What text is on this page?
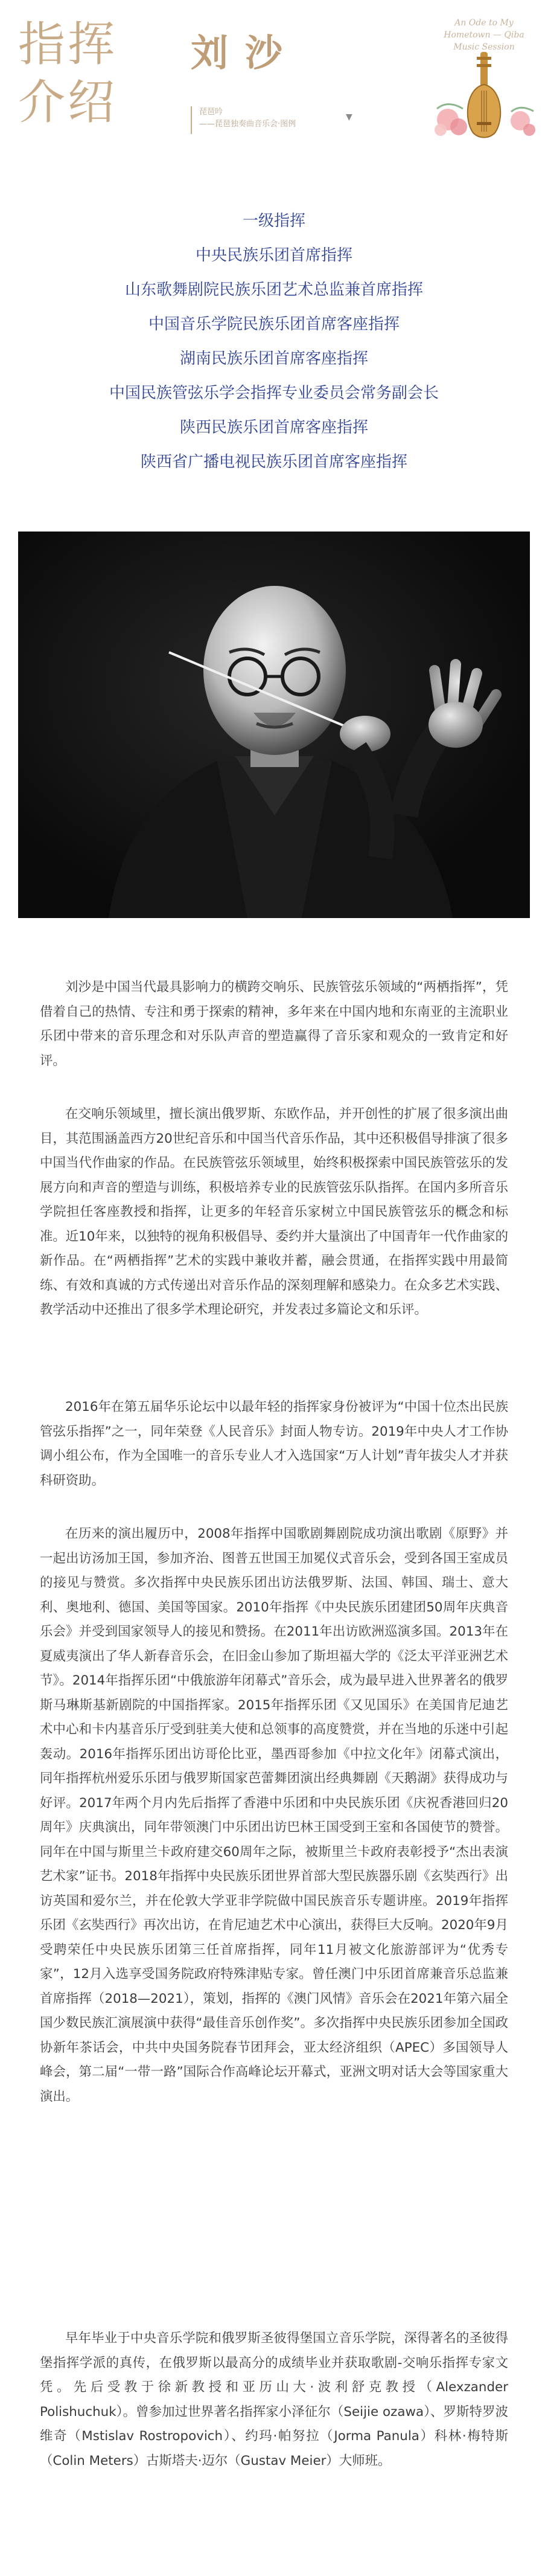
指挥
介绍
刘沙
琵琶吟
——琵琶独奏曲音乐会·图例
▼
An Ode to My Hometown — Qiba Music Session
一级指挥
中央民族乐团首席指挥
山东歌舞剧院民族乐团艺术总监兼首席指挥
中国音乐学院民族乐团首席客座指挥
湖南民族乐团首席客座指挥
中国民族管弦乐学会指挥专业委员会常务副会长
陕西民族乐团首席客座指挥
陕西省广播电视民族乐团首席客座指挥
刘沙是中国当代最具影响力的横跨交响乐、民族管弦乐领域的“两栖指挥”，凭借着自己的热情、专注和勇于探索的精神，多年来在中国内地和东南亚的主流职业乐团中带来的音乐理念和对乐队声音的塑造赢得了音乐家和观众的一致肯定和好评。
在交响乐领域里，擅长演出俄罗斯、东欧作品，并开创性的扩展了很多演出曲目，其范围涵盖西方20世纪音乐和中国当代音乐作品，其中还积极倡导排演了很多中国当代作曲家的作品。在民族管弦乐领域里，始终积极探索中国民族管弦乐的发展方向和声音的塑造与训练，积极培养专业的民族管弦乐队指挥。在国内多所音乐学院担任客座教授和指挥，让更多的年轻音乐家树立中国民族管弦乐的概念和标准。近10年来，以独特的视角积极倡导、委约并大量演出了中国青年一代作曲家的新作品。在“两栖指挥”艺术的实践中兼收并蓄，融会贯通，在指挥实践中用最简练、有效和真诚的方式传递出对音乐作品的深刻理解和感染力。在众多艺术实践、教学活动中还推出了很多学术理论研究，并发表过多篇论文和乐评。
2016年在第五届华乐论坛中以最年轻的指挥家身份被评为“中国十位杰出民族管弦乐指挥”之一，同年荣登《人民音乐》封面人物专访。2019年中央人才工作协调小组公布，作为全国唯一的音乐专业人才入选国家“万人计划”青年拔尖人才并获科研资助。
在历来的演出履历中，2008年指挥中国歌剧舞剧院成功演出歌剧《原野》并一起出访汤加王国，参加齐治、图普五世国王加冕仪式音乐会，受到各国王室成员的接见与赞赏。多次指挥中央民族乐团出访法俄罗斯、法国、韩国、瑞士、意大利、奥地利、德国、美国等国家。2010年指挥《中央民族乐团建团50周年庆典音乐会》并受到国家领导人的接见和赞扬。在2011年出访欧洲巡演多国。2013年在夏威夷演出了华人新春音乐会，在旧金山参加了斯坦福大学的《泛太平洋亚洲艺术节》。2014年指挥乐团“中俄旅游年闭幕式”音乐会，成为最早进入世界著名的俄罗斯马琳斯基新剧院的中国指挥家。2015年指挥乐团《又见国乐》在美国肯尼迪艺术中心和卡内基音乐厅受到驻美大使和总领事的高度赞赏，并在当地的乐迷中引起轰动。2016年指挥乐团出访哥伦比亚，墨西哥参加《中拉文化年》闭幕式演出，同年指挥杭州爱乐乐团与俄罗斯国家芭蕾舞团演出经典舞剧《天鹅湖》获得成功与好评。2017年两个月内先后指挥了香港中乐团和中央民族乐团《庆祝香港回归20周年》庆典演出，同年带领澳门中乐团出访巴林王国受到王室和各国使节的赞誉。同年在中国与斯里兰卡政府建交60周年之际，被斯里兰卡政府表彰授予“杰出表演艺术家”证书。2018年指挥中央民族乐团世界首部大型民族器乐剧《玄奘西行》出访英国和爱尔兰，并在伦敦大学亚非学院做中国民族音乐专题讲座。2019年指挥乐团《玄奘西行》再次出访，在肯尼迪艺术中心演出，获得巨大反响。2020年9月受聘荣任中央民族乐团第三任首席指挥，同年11月被文化旅游部评为“优秀专家”，12月入选享受国务院政府特殊津贴专家。曾任澳门中乐团首席兼音乐总监兼首席指挥（2018—2021），策划，指挥的《澳门风情》音乐会在2021年第六届全国少数民族汇演展演中获得“最佳音乐创作奖”。多次指挥中央民族乐团参加全国政协新年茶话会，中共中央国务院春节团拜会，亚太经济组织（APEC）多国领导人峰会，第二届“一带一路”国际合作高峰论坛开幕式，亚洲文明对话大会等国家重大演出。
早年毕业于中央音乐学院和俄罗斯圣彼得堡国立音乐学院，深得著名的圣彼得堡指挥学派的真传，在俄罗斯以最高分的成绩毕业并获取歌剧-交响乐指挥专家文凭。先后受教于徐新教授和亚历山大·波利舒克教授（Alexzander Polishuchuk）。曾参加过世界著名指挥家小泽征尔（Seijie ozawa）、罗斯特罗波维奇（Mstislav Rostropovich）、约玛·帕努拉（Jorma Panula）科林·梅特斯（Colin Meters）古斯塔夫·迈尔（Gustav Meier）大师班。
